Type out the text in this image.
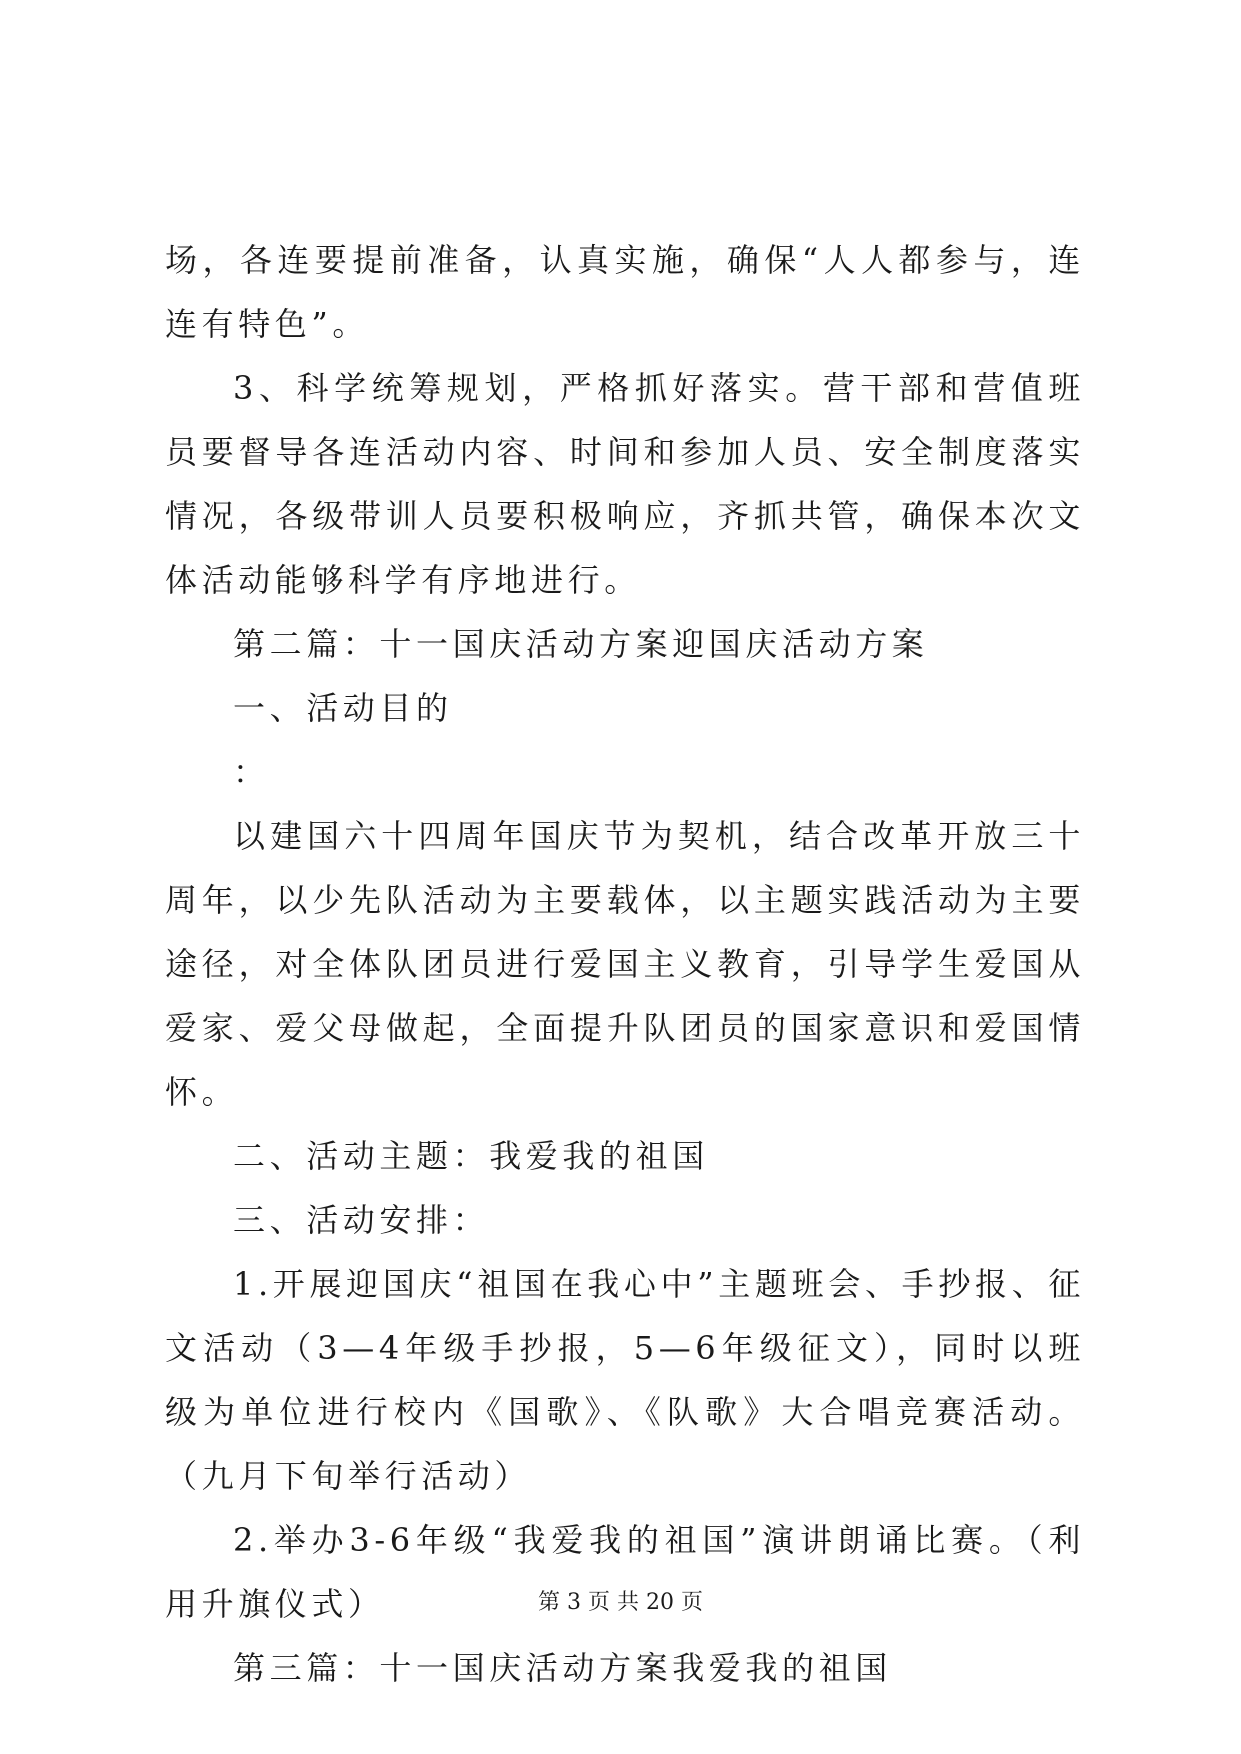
场，各连要提前准备，认真实施，确保“人人都参与，连连有特色”。

3、科学统筹规划，严格抓好落实。营干部和营值班员要督导各连活动内容、时间和参加人员、安全制度落实情况，各级带训人员要积极响应，齐抓共管，确保本次文体活动能够科学有序地进行。

第二篇：十一国庆活动方案迎国庆活动方案

一、活动目的

：

以建国六十四周年国庆节为契机，结合改革开放三十周年，以少先队活动为主要载体，以主题实践活动为主要途径，对全体队团员进行爱国主义教育，引导学生爱国从爱家、爱父母做起，全面提升队团员的国家意识和爱国情怀。

二、活动主题：我爱我的祖国

三、活动安排：

1.开展迎国庆“祖国在我心中”主题班会、手抄报、征文活动（3—4年级手抄报，5—6年级征文），同时以班级为单位进行校内《国歌》、《队歌》大合唱竞赛活动。（九月下旬举行活动）

2.举办3-6年级“我爱我的祖国”演讲朗诵比赛。（利用升旗仪式）

第三篇：十一国庆活动方案我爱我的祖国

第 3 页 共 20 页
